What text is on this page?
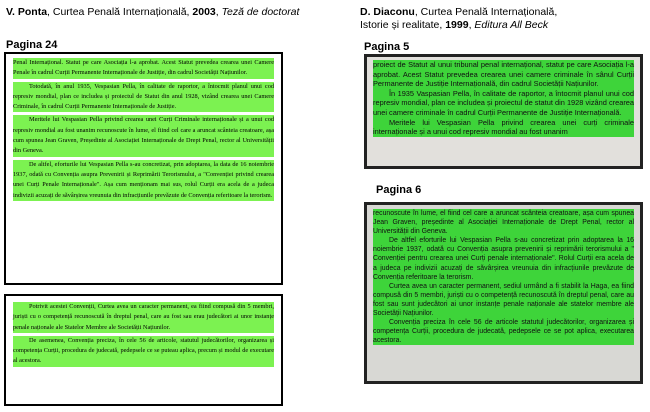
V. Ponta, Curtea Penală Internațională, 2003, Teză de doctorat	D. Diaconu, Curtea Penală Internațională,
Istorie și realitate, 1999, Editura All Beck
Pagina 24

Penal Internațional. Statut pe care Asociația l-a aprobat. Acest Statut prevedea crearea unei Camere Penale în cadrul Curții Permanente Internaționale de Justiție, din cadrul Societății Națiunilor.

Totodată, în anul 1935, Vespasian Pella, în calitate de raportor, a întocmit planul unui cod represiv mondial, plan ce includea și proiectul de Statut din anul 1928, vizând crearea unei Camere Criminale, în cadrul Curții Permanente Internaționale de Justiție.

Meritele lui Vespasian Pella privind crearea unei Curți Criminale internaționale și a unui cod represiv mondial au fost unanim recunoscute în lume, el fiind cel care a aruncat scânteia creatoare, așa cum spunea Jean Graven, Președinte al Asociației Internaționale de Drept Penal, rector al Universității din Geneva.

De altfel, eforturile lui Vespasian Pella s-au concretizat, prin adoptarea, la data de 16 noiembrie 1937, odată cu Convenția asupra Prevenirii și Reprimării Terorismului, a "Convenției privind crearea unei Curți Penale Internaționale". Așa cum menționam mai sus, rolul Curții era acela de a judeca indivizii acuzați de săvârșirea vreunuia din infracțiunile prevăzute de Convenția referitoare la terorism.

Potrivit acestei Convenții, Curtea avea un caracter permanent, ea fiind compusă din 5 membri, juriști cu o competență recunoscută în dreptul penal, care au fost sau erau judecători ai unor instanțe penale naționale ale Statelor Membre ale Societății Națiunilor.

De asemenea, Convenția preciza, în cele 56 de articole, statutul judecătorilor, organizarea și competența Curții, procedura de judecată, pedepsele ce se puteau aplica, precum și modul de executare al acestora.

Pagina 5

proiect de Statut al unui tribunal penal internațional, statut pe care Asociația l-a aprobat. Acest Statut prevedea crearea unei camere criminale în sânul Curții Permanente de Justiție Internațională, din cadrul Societății Națiunilor.

În 1935 Vaspasian Pella, în calitate de raportor, a întocmit planul unui cod represiv mondial, plan ce includea și proiectul de statut din 1928 vizând crearea unei camere criminale în cadrul Curții Permanente de Justiție Internațională.

Meritele lui Vespasian Pella privind crearea unei curți criminale internaționale și a unui cod represiv mondial au fost unanim

Pagina 6

recunoscute în lume, el fiind cel care a aruncat scânteia creatoare, așa cum spunea Jean Graven, președinte al Asociației Internaționale de Drept Penal, rector al Universității din Geneva.

De altfel eforturile lui Vespasian Pella s-au concretizat prin adoptarea la 16 noiembrie 1937, odată cu Convenția asupra prevenirii și reprimării terorismului a " Convenției pentru crearea unei Curți penale internaționale". Rolul Curții era acela de a judeca pe indivizii acuzați de săvârșirea vreunuia din infracțiunile prevăzute de Convenția referitoare la terorism.

Curtea avea un caracter permanent, sediul urmând a fi stabilit la Haga, ea fiind compusă din 5 membri, juriști cu o competență recunoscută în dreptul penal, care au fost sau sunt judecători ai unor instanțe penale naționale ale statelor membre ale Societății Națiunilor.

Convenția preciza în cele 56 de articole statutul judecătorilor, organizarea și competența Curții, procedura de judecată, pedepsele ce se pot aplica, executarea acestora.
